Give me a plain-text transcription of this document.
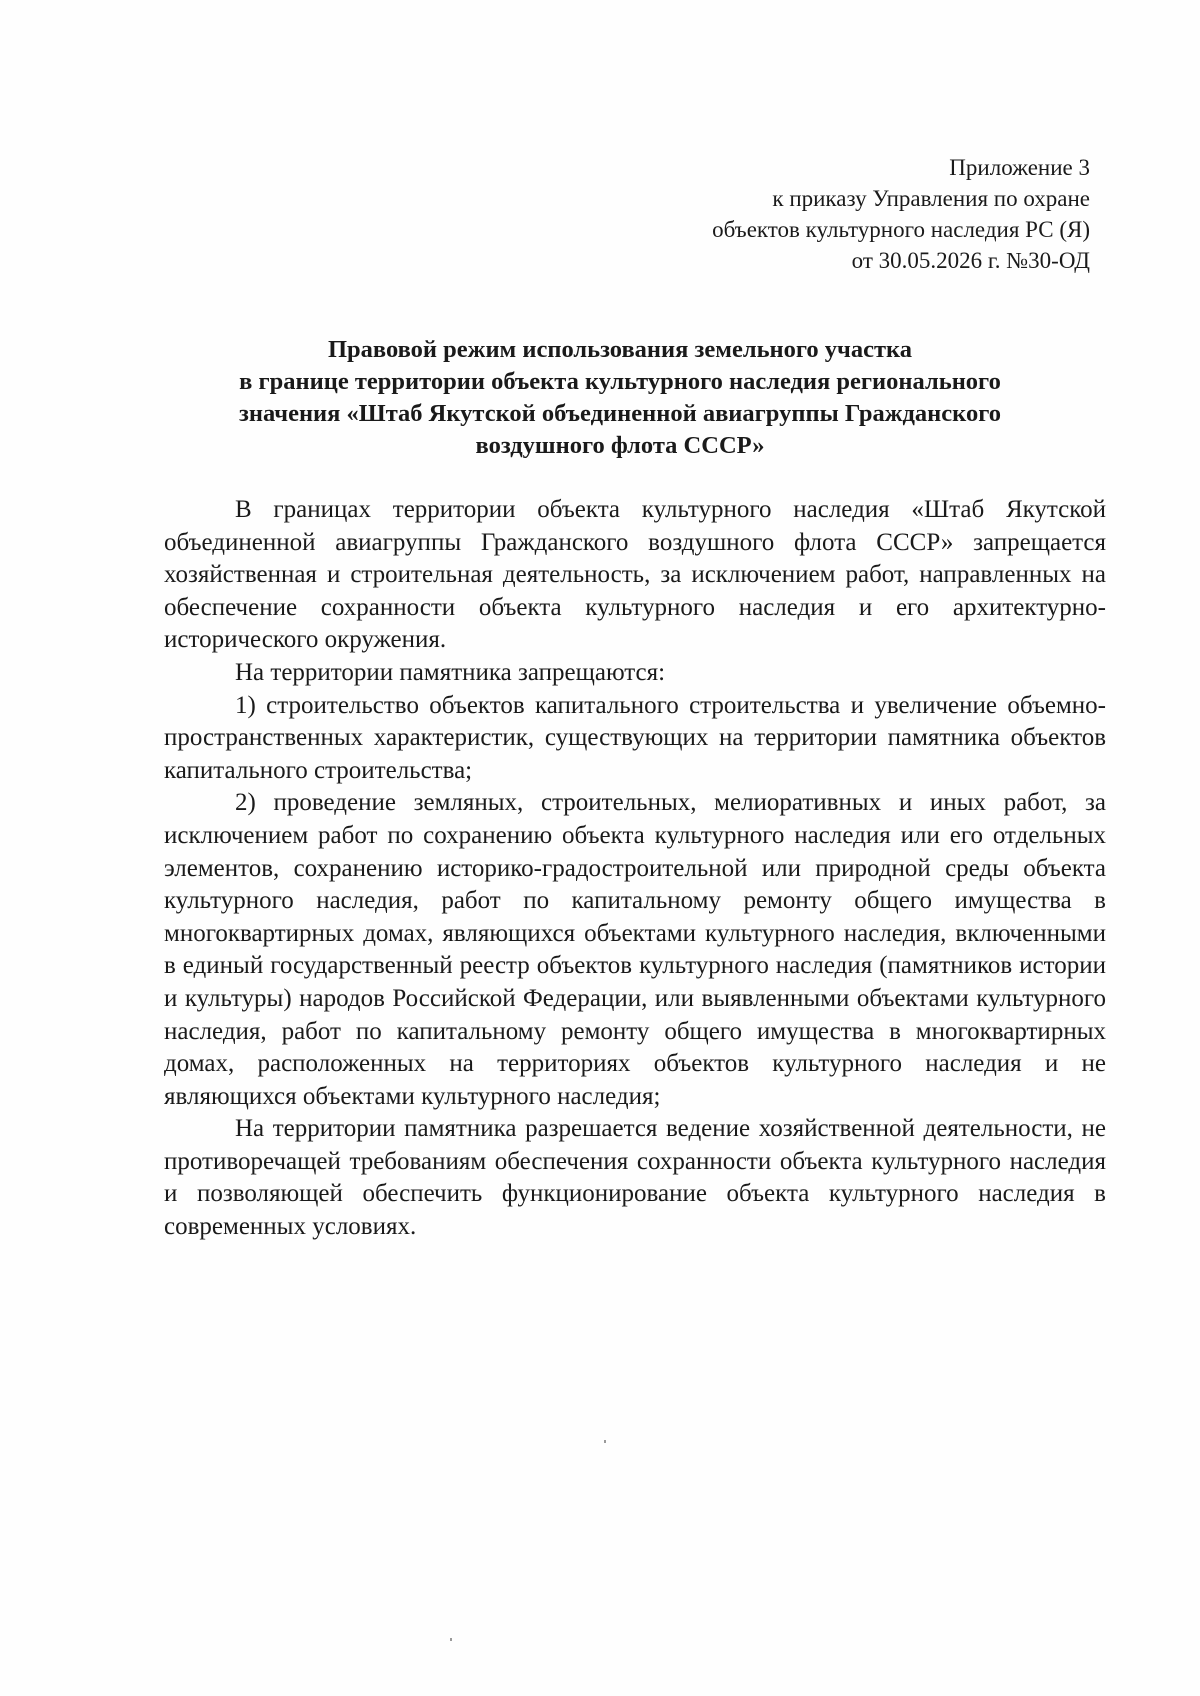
Приложение 3
к приказу Управления по охране
объектов культурного наследия РС (Я)
от 30.05.2026 г. №30-ОД
Правовой режим использования земельного участка
в границе территории объекта культурного наследия регионального
значения «Штаб Якутской объединенной авиагруппы Гражданского
воздушного флота СССР»

В границах территории объекта культурного наследия «Штаб Якутской объединенной авиагруппы Гражданского воздушного флота СССР» запрещается хозяйственная и строительная деятельность, за исключением работ, направленных на обеспечение сохранности объекта культурного наследия и его архитектурно-исторического окружения.

На территории памятника запрещаются:

1) строительство объектов капитального строительства и увеличение объемно-пространственных характеристик, существующих на территории памятника объектов капитального строительства;

2) проведение земляных, строительных, мелиоративных и иных работ, за исключением работ по сохранению объекта культурного наследия или его отдельных элементов, сохранению историко-градостроительной или природной среды объекта культурного наследия, работ по капитальному ремонту общего имущества в многоквартирных домах, являющихся объектами культурного наследия, включенными в единый государственный реестр объектов культурного наследия (памятников истории и культуры) народов Российской Федерации, или выявленными объектами культурного наследия, работ по капитальному ремонту общего имущества в многоквартирных домах, расположенных на территориях объектов культурного наследия и не являющихся объектами культурного наследия;

На территории памятника разрешается ведение хозяйственной деятельности, не противоречащей требованиям обеспечения сохранности объекта культурного наследия и позволяющей обеспечить функционирование объекта культурного наследия в современных условиях.
